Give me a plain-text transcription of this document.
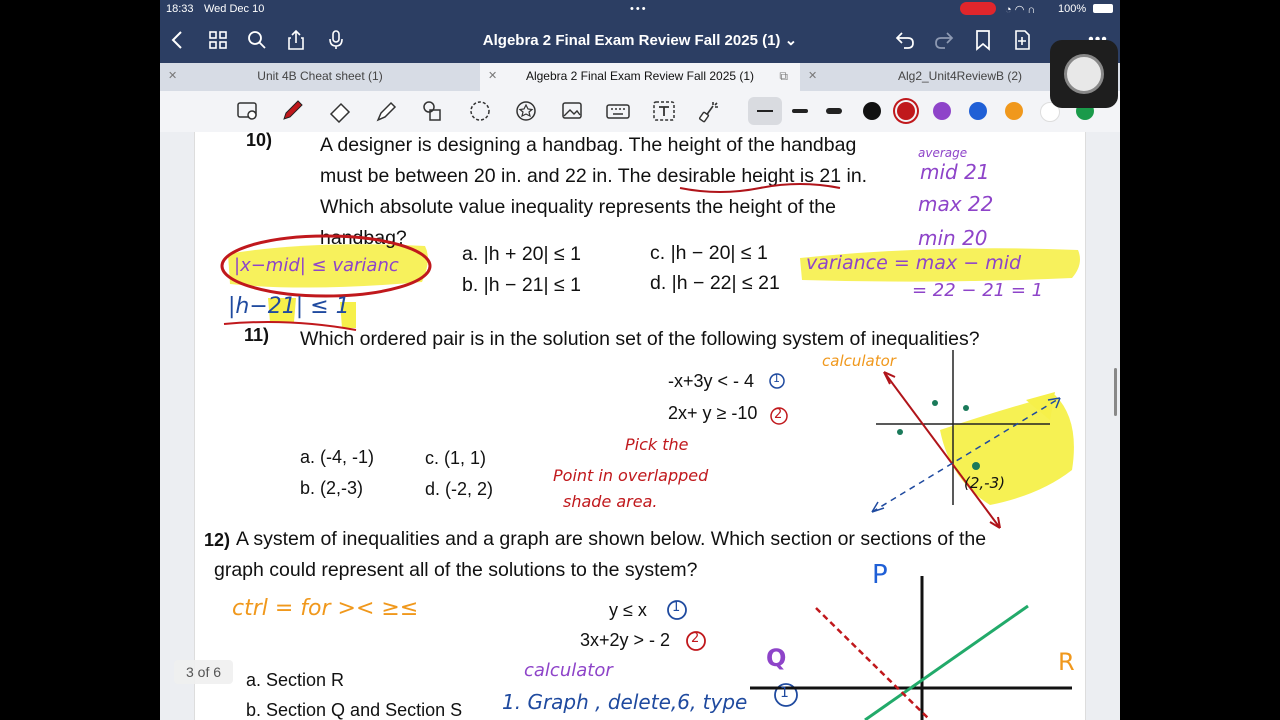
18:33 Wed Dec 10	•••	◔ ◠ ∩ 100%
Algebra 2 Final Exam Review Fall 2025 (1) ⌄
✕	Unit 4B Cheat sheet (1)	✕ Algebra 2 Final Exam Review Fall 2025 (1) ⧉ ✕	Alg2_Unit4ReviewB (2)
10) A designer is designing a handbag. The height of the handbag
must be between 20 in. and 22 in. The desirable height is 21 in.
Which absolute value inequality represents the height of the
handbag?
a. |h + 20| ≤ 1
b. |h − 21| ≤ 1
c. |h − 20| ≤ 1
d. |h − 22| ≤ 21
11) Which ordered pair is in the solution set of the following system of inequalities?
-x+3y < - 4
2x+ y ≥ -10
a. (-4, -1)
b. (2,-3)
c. (1, 1)
d. (-2, 2)
12) A system of inequalities and a graph are shown below. Which section or sections of the
graph could represent all of the solutions to the system?
y ≤ x
3x+2y > - 2
a. Section R
b. Section Q and Section S
average
mid 21
max 22
min 20
variance = max − mid
= 22 − 21 = 1
|x−mid| ≤ varianc
|h−21| ≤ 1
1
2
calculator
Pick the
Point in overlapped
shade area.
(2,-3)
ctrl = for >< ≥≤
calculator
1. Graph , delete,6, type
1
2
1
P
Q	R
3 of 6
